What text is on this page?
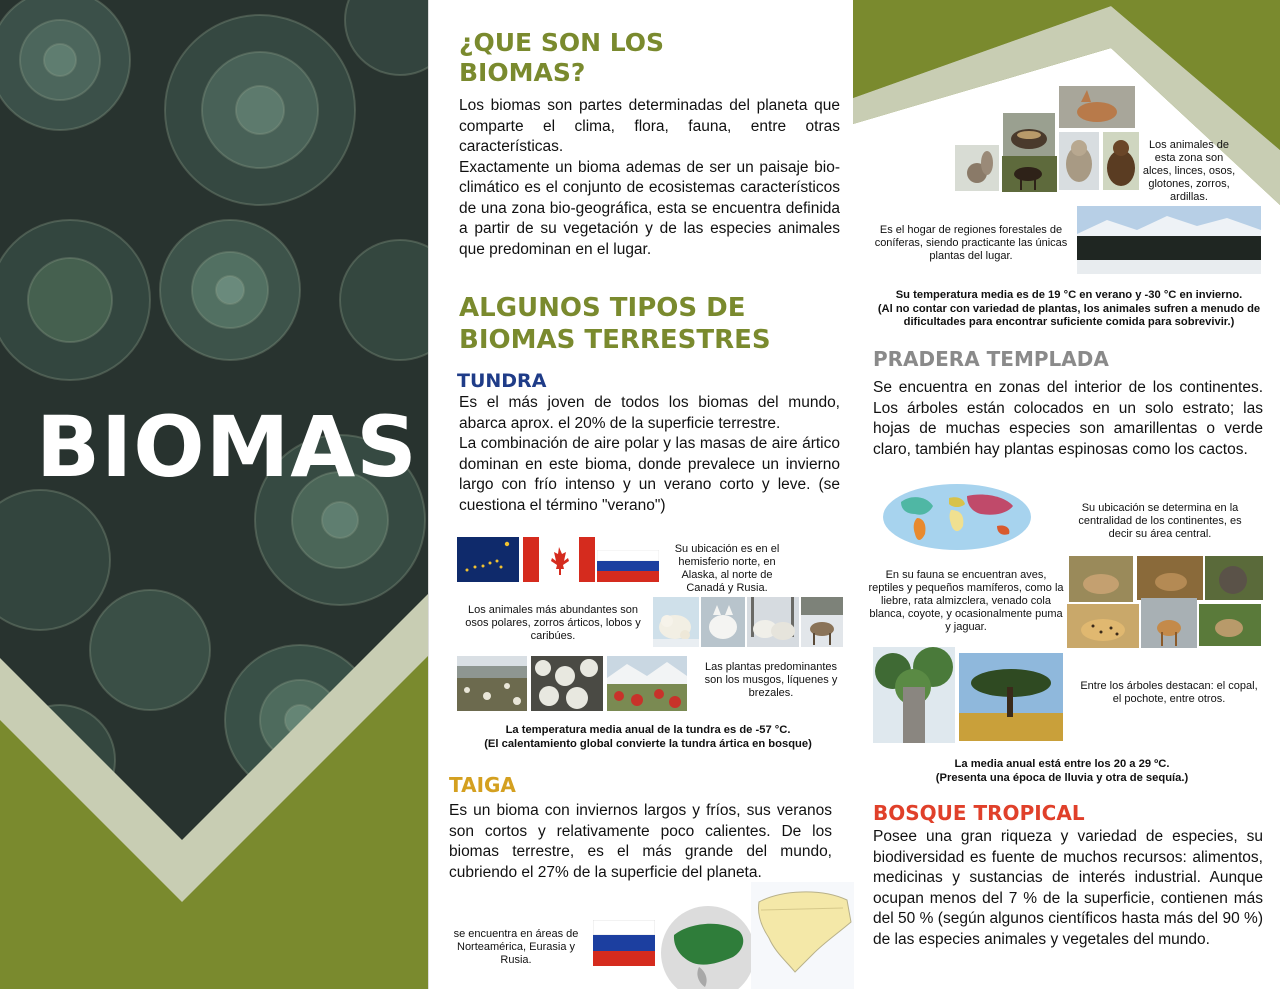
BIOMAS
¿QUE SON LOS BIOMAS?
Los biomas son partes determinadas del planeta que comparte el clima, flora, fauna, entre otras características.
Exactamente un bioma ademas de ser un paisaje bio-climático es el conjunto de ecosistemas característicos de una zona bio-geográfica, esta se encuentra definida a partir de su vegetación y de las especies animales que predominan en el lugar.
ALGUNOS TIPOS DE BIOMAS TERRESTRES
TUNDRA
Es el más joven de todos los biomas del mundo, abarca aprox. el 20% de la superficie terrestre.
La combinación de aire polar y las masas de aire ártico dominan en este bioma, donde prevalece un invierno largo con frío intenso y un verano corto y leve. (se cuestiona el término "verano")
Su ubicación es en el hemisferio norte, en Alaska, al norte de Canadá y Rusia.
Los animales más abundantes son osos polares, zorros árticos, lobos y caribúes.
Las plantas predominantes son los musgos, líquenes y brezales.
La temperatura media anual de la tundra es de -57 °C.
(El calentamiento global convierte la tundra ártica en bosque)
TAIGA
Es un bioma con inviernos largos y fríos, sus veranos son cortos y relativamente poco calientes. De los biomas terrestre, es el más grande del mundo, cubriendo el 27% de la superficie del planeta.
se encuentra en áreas de Norteamérica, Eurasia y Rusia.
Los animales de esta zona son alces, linces, osos, glotones, zorros, ardillas.
Es el hogar de regiones forestales de coníferas, siendo practicante las únicas plantas del lugar.
Su temperatura media es de 19 °C en verano y -30 °C en invierno.
(Al no contar con variedad de plantas, los animales sufren a menudo de dificultades para encontrar suficiente comida para sobrevivir.)
PRADERA TEMPLADA
Se encuentra en zonas del interior de los continentes. Los árboles están colocados en un solo estrato; las hojas de muchas especies son amarillentas o verde claro, también hay plantas espinosas como los cactos.
Su ubicación se determina en la centralidad de los continentes, es decir su área central.
En su fauna se encuentran aves, reptiles y pequeños mamíferos, como la liebre, rata almizclera, venado cola blanca, coyote, y ocasionalmente puma y jaguar.
Entre los árboles destacan: el copal, el pochote, entre otros.
La media anual está entre los 20 a 29 ºC.
(Presenta una época de lluvia y otra de sequía.)
BOSQUE TROPICAL
Posee una gran riqueza y variedad de especies, su biodiversidad es fuente de muchos recursos: alimentos, medicinas y sustancias de interés industrial. Aunque ocupan menos del 7 % de la superficie, contienen más del 50 % (según algunos científicos hasta más del 90 %) de las especies animales y vegetales del mundo.
